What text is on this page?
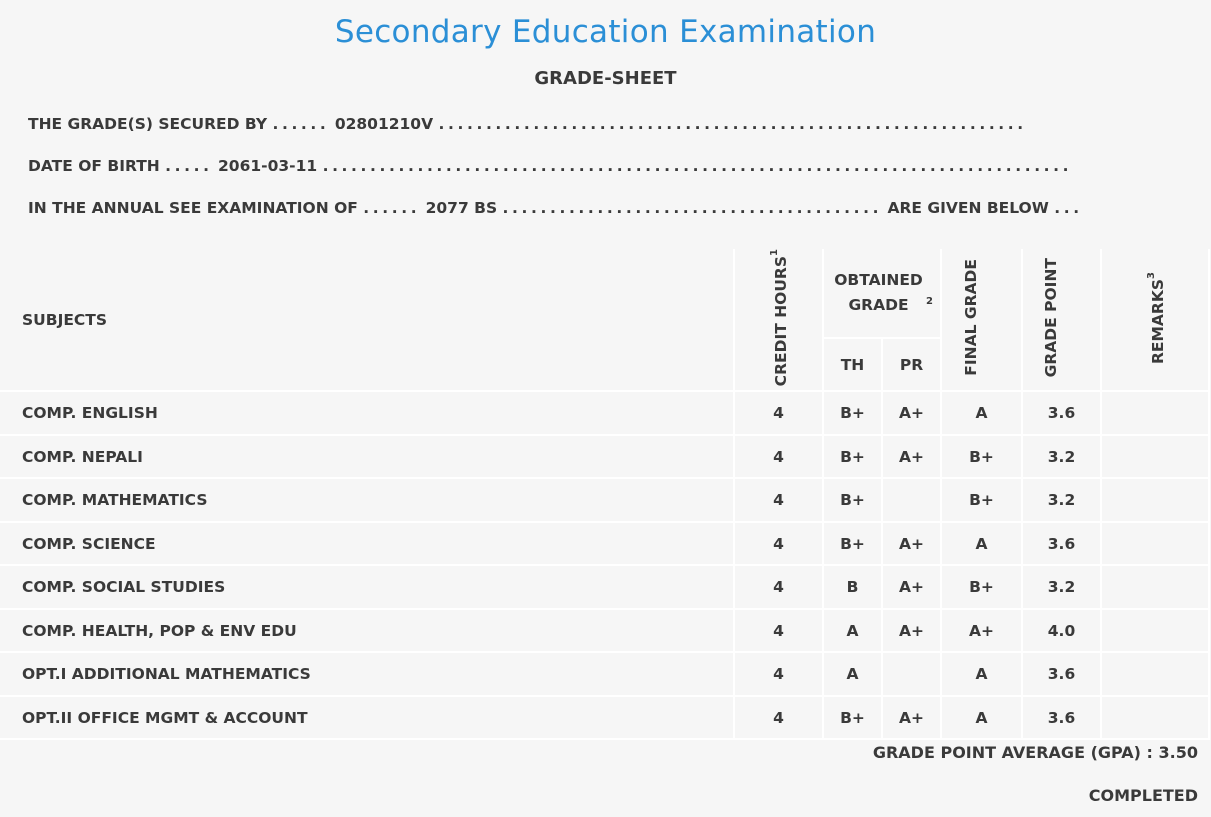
Secondary Education Examination
GRADE-SHEET
THE GRADE(S) SECURED BY ...... 02801210V ..............................................................
DATE OF BIRTH ..... 2061-03-11 ...............................................................................
IN THE ANNUAL SEE EXAMINATION OF ...... 2077 BS ........................................ ARE GIVEN BELOW ...
SUBJECTS	CREDIT HOURS$^1$	OBTAINED GRADE $^2$		FINAL GRADE	GRADE POINT	REMARKS$^3$
		TH	PR			
COMP. ENGLISH	4	B+	A+	A	3.6	
COMP. NEPALI	4	B+	A+	B+	3.2	
COMP. MATHEMATICS	4	B+		B+	3.2	
COMP. SCIENCE	4	B+	A+	A	3.6	
COMP. SOCIAL STUDIES	4	B	A+	B+	3.2	
COMP. HEALTH, POP & ENV EDU	4	A	A+	A+	4.0	
OPT.I ADDITIONAL MATHEMATICS	4	A		A	3.6	
OPT.II OFFICE MGMT & ACCOUNT	4	B+	A+	A	3.6	
GRADE POINT AVERAGE (GPA) : 3.50
COMPLETED
